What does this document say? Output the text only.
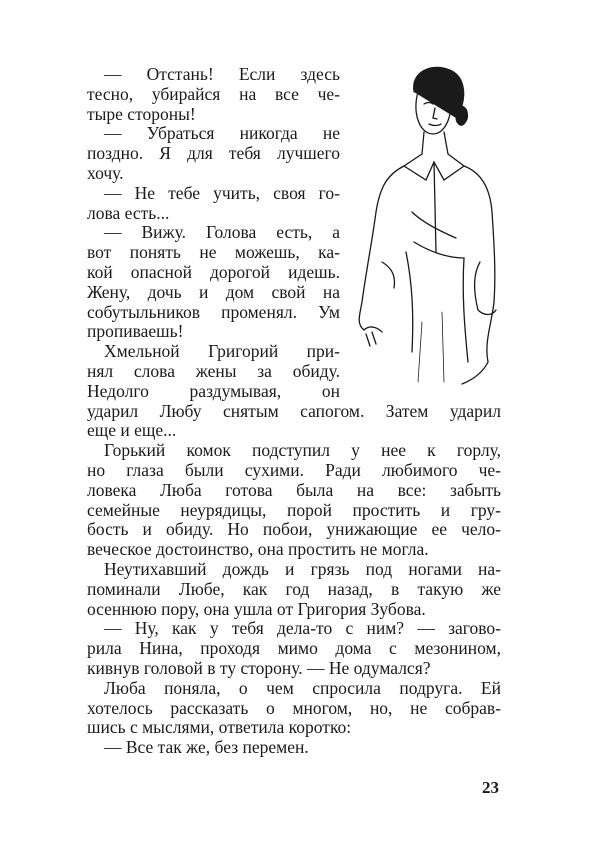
— Отстань! Если здесь
тесно, убирайся на все че-
тыре стороны!
— Убраться никогда не
поздно. Я для тебя лучшего
хочу.
— Не тебе учить, своя го-
лова есть...
— Вижу. Голова есть, а
вот понять не можешь, ка-
кой опасной дорогой идешь.
Жену, дочь и дом свой на
собутыльников променял. Ум
пропиваешь!
Хмельной Григорий при-
нял слова жены за обиду.
Недолго раздумывая, он
ударил Любу снятым сапогом. Затем ударил
еще и еще...
Горький комок подступил у нее к горлу,
но глаза были сухими. Ради любимого че-
ловека Люба готова была на все: забыть
семейные неурядицы, порой простить и гру-
бость и обиду. Но побои, унижающие ее чело-
веческое достоинство, она простить не могла.
Неутихавший дождь и грязь под ногами на-
поминали Любе, как год назад, в такую же
осеннюю пору, она ушла от Григория Зубова.
— Ну, как у тебя дела-то с ним? — загово-
рила Нина, проходя мимо дома с мезонином,
кивнув головой в ту сторону. — Не одумался?
Люба поняла, о чем спросила подруга. Ей
хотелось рассказать о многом, но, не собрав-
шись с мыслями, ответила коротко:
— Все так же, без перемен.
23
